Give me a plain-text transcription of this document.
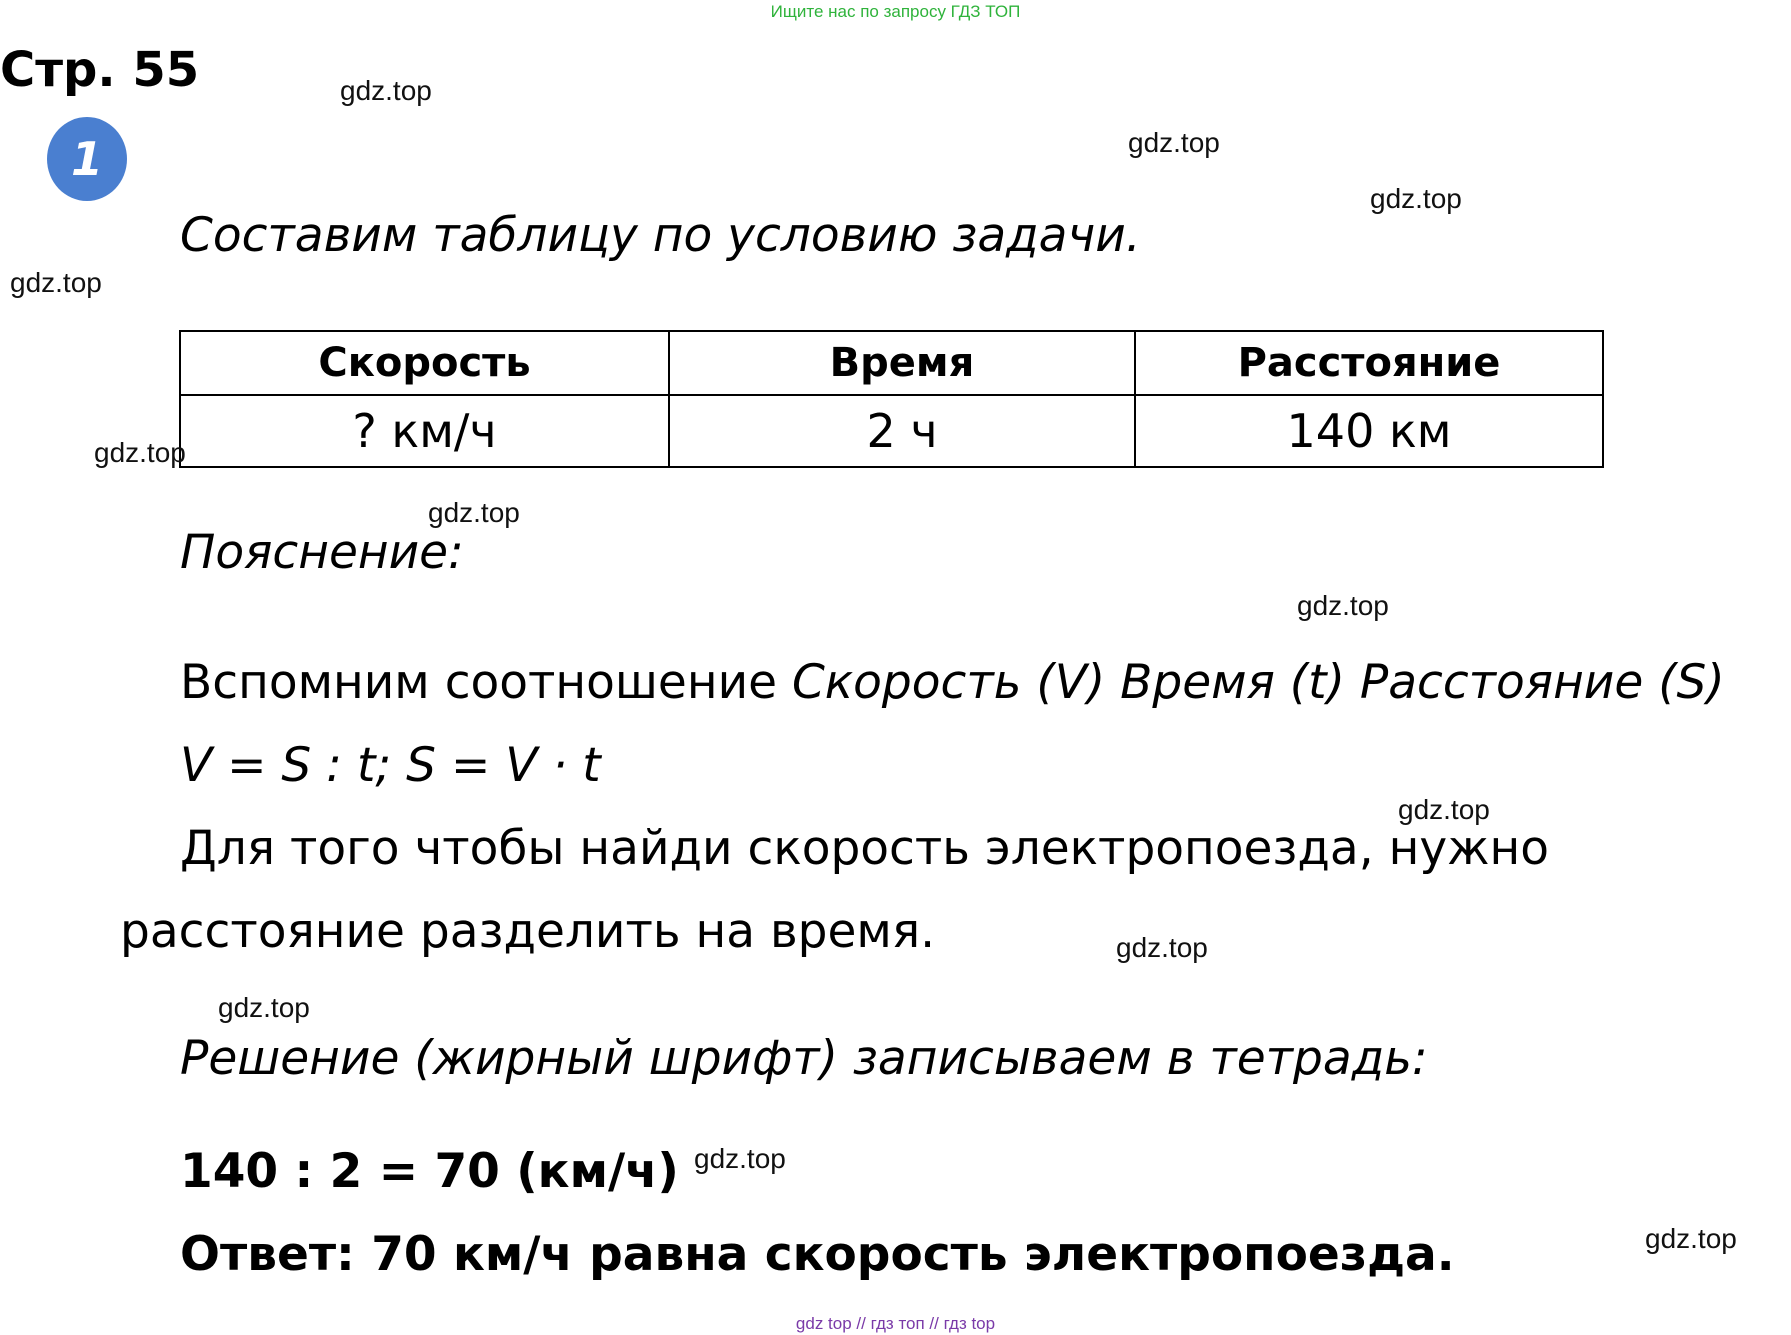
Ищите нас по запросу ГДЗ ТОП
Стр. 55
1
Составим таблицу по условию задачи.
Скорость	Время	Расстояние
? км/ч	2 ч	140 км
Пояснение:
Вспомним соотношение Скорость (V) Время (t) Расстояние (S)
V = S : t; S = V · t
Для того чтобы найди скорость электропоезда, нужно
расстояние разделить на время.
Решение (жирный шрифт) записываем в тетрадь:
140 : 2 = 70 (км/ч)
Ответ: 70 км/ч равна скорость электропоезда.
gdz.top
gdz.top
gdz.top
gdz.top
gdz.top
gdz.top
gdz.top
gdz.top
gdz.top
gdz.top
gdz.top
gdz.top
gdz top // гдз топ // гдз top
